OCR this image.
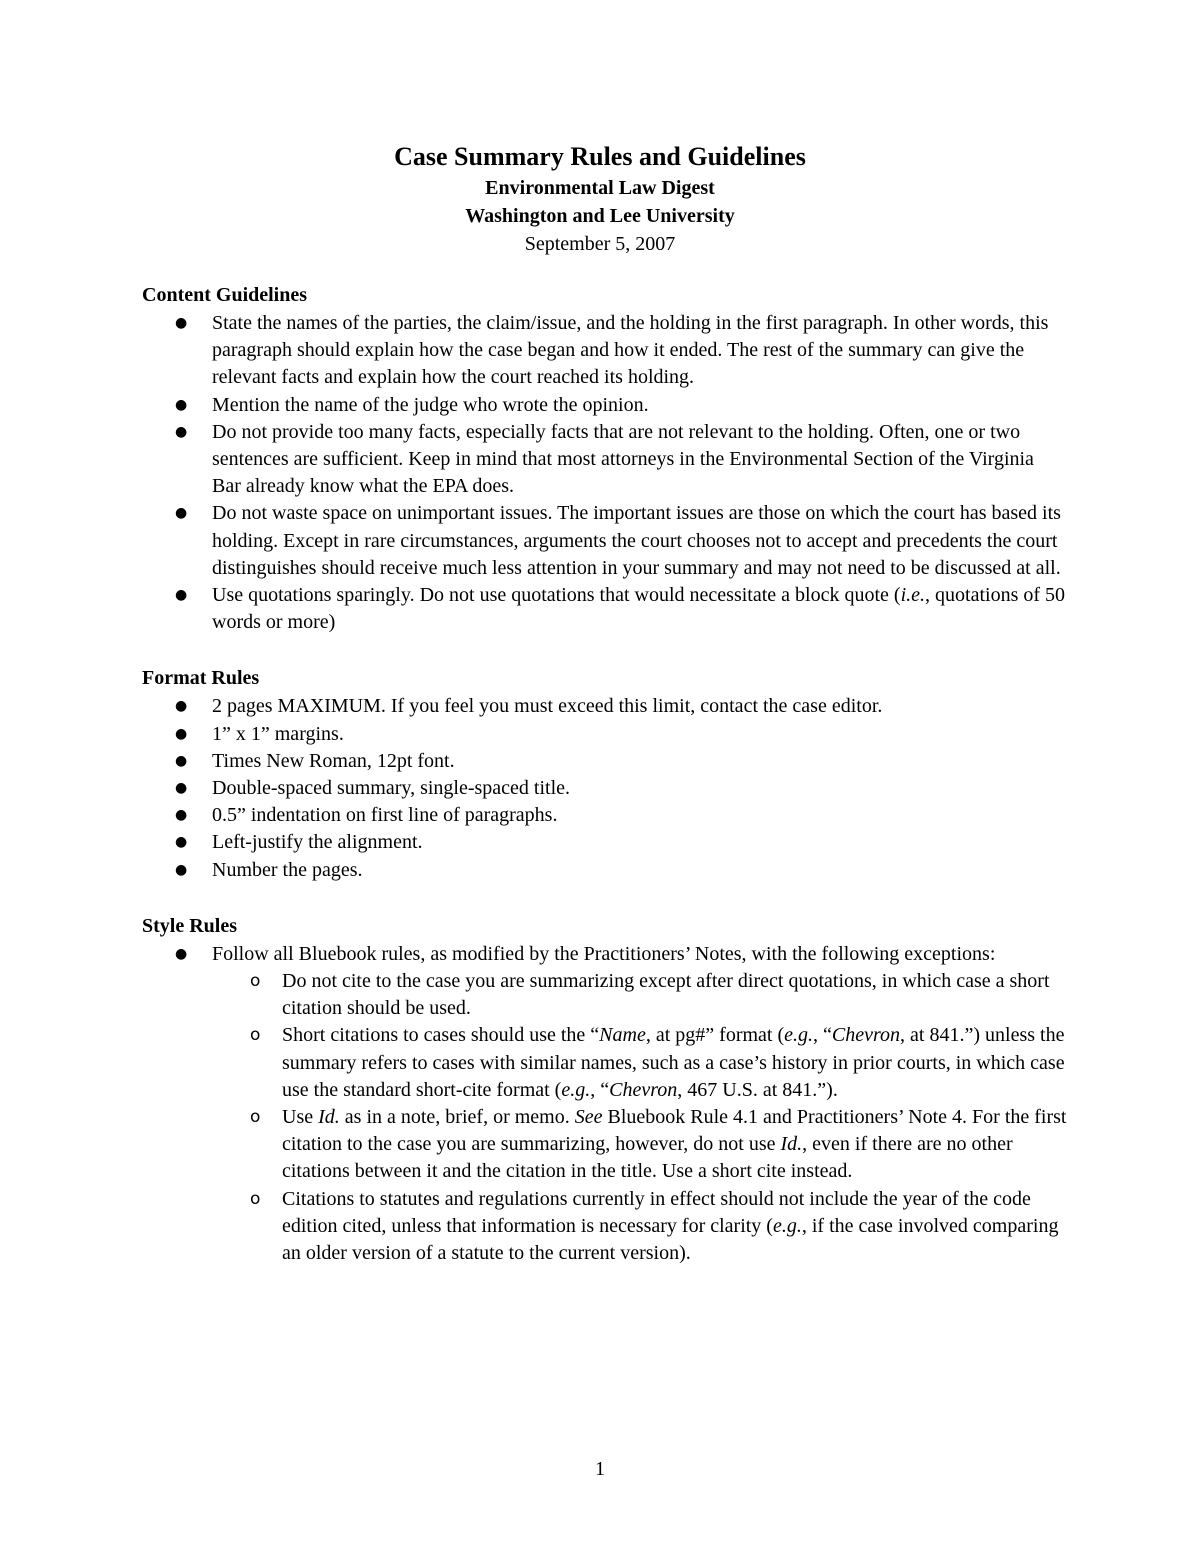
Case Summary Rules and Guidelines

Environmental Law Digest

Washington and Lee University

September 5, 2007

Content Guidelines

● State the names of the parties, the claim/issue, and the holding in the first paragraph. In other words, this paragraph should explain how the case began and how it ended. The rest of the summary can give the relevant facts and explain how the court reached its holding.
● Mention the name of the judge who wrote the opinion.
● Do not provide too many facts, especially facts that are not relevant to the holding. Often, one or two sentences are sufficient. Keep in mind that most attorneys in the Environmental Section of the Virginia Bar already know what the EPA does.
● Do not waste space on unimportant issues. The important issues are those on which the court has based its holding. Except in rare circumstances, arguments the court chooses not to accept and precedents the court distinguishes should receive much less attention in your summary and may not need to be discussed at all.
● Use quotations sparingly. Do not use quotations that would necessitate a block quote (i.e., quotations of 50 words or more)

Format Rules

● 2 pages MAXIMUM. If you feel you must exceed this limit, contact the case editor.
● 1” x 1” margins.
● Times New Roman, 12pt font.
● Double-spaced summary, single-spaced title.
● 0.5” indentation on first line of paragraphs.
● Left-justify the alignment.
● Number the pages.

Style Rules

● Follow all Bluebook rules, as modified by the Practitioners’ Notes, with the following exceptions:
o Do not cite to the case you are summarizing except after direct quotations, in which case a short citation should be used.
o Short citations to cases should use the “Name, at pg#” format (e.g., “Chevron, at 841.”) unless the summary refers to cases with similar names, such as a case’s history in prior courts, in which case use the standard short-cite format (e.g., “Chevron, 467 U.S. at 841.”).
o Use Id. as in a note, brief, or memo. See Bluebook Rule 4.1 and Practitioners’ Note 4. For the first citation to the case you are summarizing, however, do not use Id., even if there are no other citations between it and the citation in the title. Use a short cite instead.
o Citations to statutes and regulations currently in effect should not include the year of the code edition cited, unless that information is necessary for clarity (e.g., if the case involved comparing an older version of a statute to the current version).
1
